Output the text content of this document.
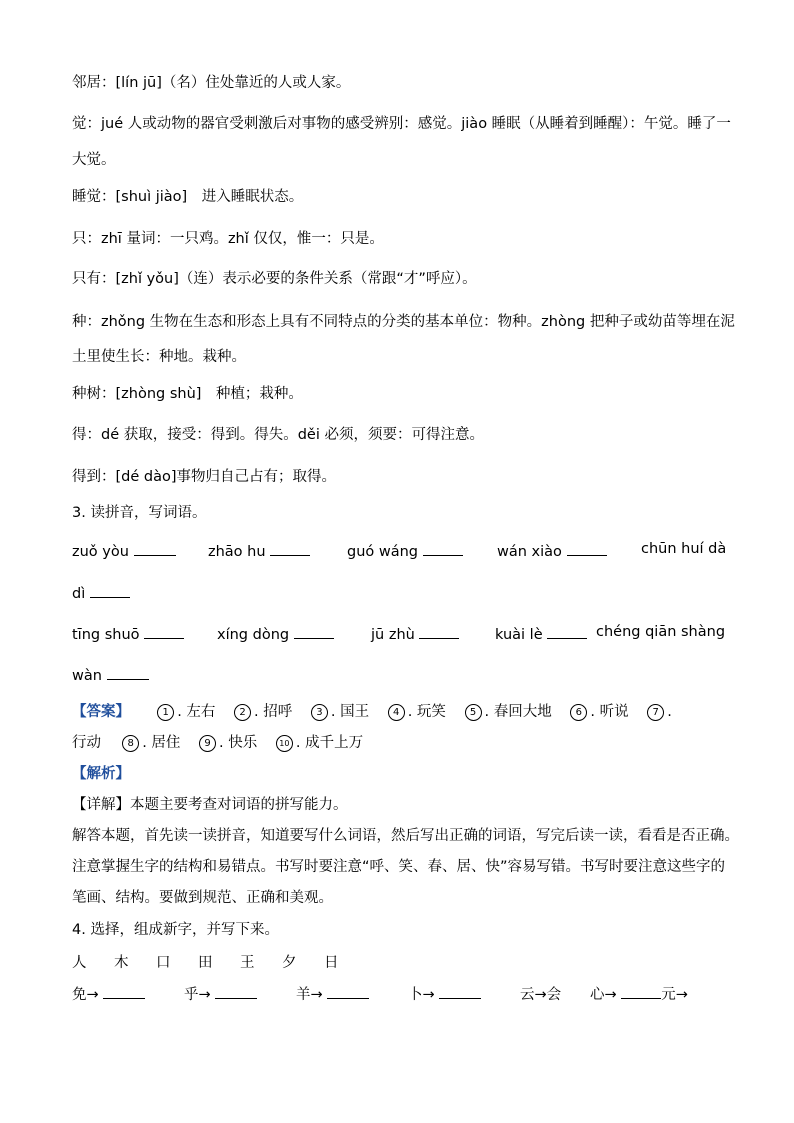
邻居：[lín jū]（名）住处靠近的人或人家。
觉：jué 人或动物的器官受刺激后对事物的感受辨别：感觉。jiào 睡眠（从睡着到睡醒）：午觉。睡了一
大觉。
睡觉：[shuì jiào]　进入睡眠状态。
只：zhī 量词：一只鸡。zhǐ 仅仅，惟一：只是。
只有：[zhǐ yǒu]（连）表示必要的条件关系（常跟“才”呼应）。
种：zhǒng 生物在生态和形态上具有不同特点的分类的基本单位：物种。zhòng 把种子或幼苗等埋在泥
土里使生长：种地。栽种。
种树：[zhòng shù]　种植；栽种。
得：dé 获取，接受：得到。得失。děi 必须，须要：可得注意。
得到：[dé dào]事物归自己占有；取得。
3. 读拼音，写词语。
zuǒ yòu	zhāo hu	guó wáng	wán xiào	chūn huí dà
dì
tīng shuō	xíng dòng	jū zhù	kuài lè	chéng qiān shàng
wàn
【答案】	1 . 左右 2 . 招呼 3 . 国王 4 . 玩笑 5 . 春回大地 6 . 听说 7 .
行动	8 . 居住 9 . 快乐	10 . 成千上万
【解析】
【详解】本题主要考查对词语的拼写能力。
解答本题，首先读一读拼音，知道要写什么词语，然后写出正确的词语，写完后读一读，看看是否正确。
注意掌握生字的结构和易错点。书写时要注意“呼、笑、春、居、快”容易写错。书写时要注意这些字的
笔画、结构。要做到规范、正确和美观。
4. 选择，组成新字，并写下来。
人 木 口 田 王 夕 日
免→	乎→	羊→	卜→	云→会 心→	元→
